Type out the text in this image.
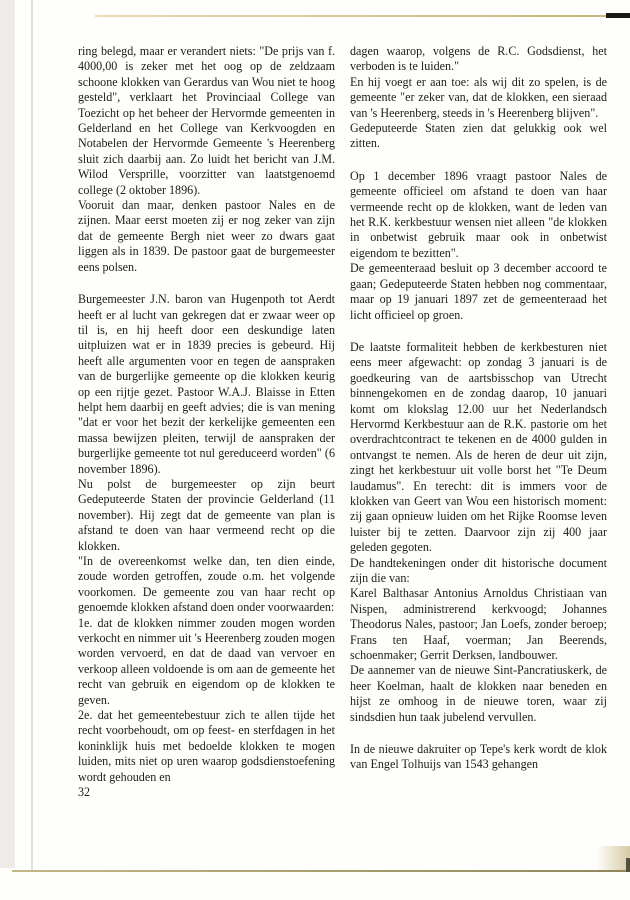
ring belegd, maar er verandert niets: "De prijs van f. 4000,00 is zeker met het oog op de zeldzaam schoone klokken van Gerardus van Wou niet te hoog gesteld", verklaart het Provinciaal College van Toezicht op het beheer der Hervormde gemeenten in Gelderland en het College van Kerkvoogden en Notabelen der Hervormde Gemeente 's Heerenberg sluit zich daarbij aan. Zo luidt het bericht van J.M. Wilod Versprille, voorzitter van laatstgenoemd college (2 oktober 1896).

Vooruit dan maar, denken pastoor Nales en de zijnen. Maar eerst moeten zij er nog zeker van zijn dat de gemeente Bergh niet weer zo dwars gaat liggen als in 1839. De pastoor gaat de burgemeester eens polsen.

Burgemeester J.N. baron van Hugenpoth tot Aerdt heeft er al lucht van gekregen dat er zwaar weer op til is, en hij heeft door een deskundige laten uitpluizen wat er in 1839 precies is gebeurd. Hij heeft alle argumenten voor en tegen de aanspraken van de burgerlijke gemeente op die klokken keurig op een rijtje gezet. Pastoor W.A.J. Blaisse in Etten helpt hem daarbij en geeft advies; die is van mening "dat er voor het bezit der kerkelijke gemeenten een massa bewijzen pleiten, terwijl de aanspraken der burgerlijke gemeente tot nul gereduceerd worden" (6 november 1896).

Nu polst de burgemeester op zijn beurt Gedeputeerde Staten der provincie Gelderland (11 november). Hij zegt dat de gemeente van plan is afstand te doen van haar vermeend recht op die klokken.

"In de overeenkomst welke dan, ten dien einde, zoude worden getroffen, zoude o.m. het volgende voorkomen. De gemeente zou van haar recht op genoemde klokken afstand doen onder voorwaarden:

1e. dat de klokken nimmer zouden mogen worden verkocht en nimmer uit 's Heerenberg zouden mogen worden vervoerd, en dat de daad van vervoer en verkoop alleen voldoende is om aan de gemeente het recht van gebruik en eigendom op de klokken te geven.

2e. dat het gemeentebestuur zich te allen tijde het recht voorbehoudt, om op feest- en sterfdagen in het koninklijk huis met bedoelde klokken te mogen luiden, mits niet op uren waarop godsdienstoefening wordt gehouden en

32

dagen waarop, volgens de R.C. Godsdienst, het verboden is te luiden."

En hij voegt er aan toe: als wij dit zo spelen, is de gemeente "er zeker van, dat de klokken, een sieraad van 's Heerenberg, steeds in 's Heerenberg blijven".

Gedeputeerde Staten zien dat gelukkig ook wel zitten.

Op 1 december 1896 vraagt pastoor Nales de gemeente officieel om afstand te doen van haar vermeende recht op de klokken, want de leden van het R.K. kerkbestuur wensen niet alleen "de klokken in onbetwist gebruik maar ook in onbetwist eigendom te bezitten".

De gemeenteraad besluit op 3 december accoord te gaan; Gedeputeerde Staten hebben nog commentaar, maar op 19 januari 1897 zet de gemeenteraad het licht officieel op groen.

De laatste formaliteit hebben de kerkbesturen niet eens meer afgewacht: op zondag 3 januari is de goedkeuring van de aartsbisschop van Utrecht binnengekomen en de zondag daarop, 10 januari komt om klokslag 12.00 uur het Nederlandsch Hervormd Kerkbestuur aan de R.K. pastorie om het overdrachtcontract te tekenen en de 4000 gulden in ontvangst te nemen. Als de heren de deur uit zijn, zingt het kerkbestuur uit volle borst het "Te Deum laudamus". En terecht: dit is immers voor de klokken van Geert van Wou een historisch moment: zij gaan opnieuw luiden om het Rijke Roomse leven luister bij te zetten. Daarvoor zijn zij 400 jaar geleden gegoten.

De handtekeningen onder dit historische document zijn die van:

Karel Balthasar Antonius Arnoldus Christiaan van Nispen, administrerend kerkvoogd; Johannes Theodorus Nales, pastoor; Jan Loefs, zonder beroep; Frans ten Haaf, voerman; Jan Beerends, schoenmaker; Gerrit Derksen, landbouwer.

De aannemer van de nieuwe Sint-Pancratiuskerk, de heer Koelman, haalt de klokken naar beneden en hijst ze omhoog in de nieuwe toren, waar zij sindsdien hun taak jubelend vervullen.

In de nieuwe dakruiter op Tepe's kerk wordt de klok van Engel Tolhuijs van 1543 gehangen
